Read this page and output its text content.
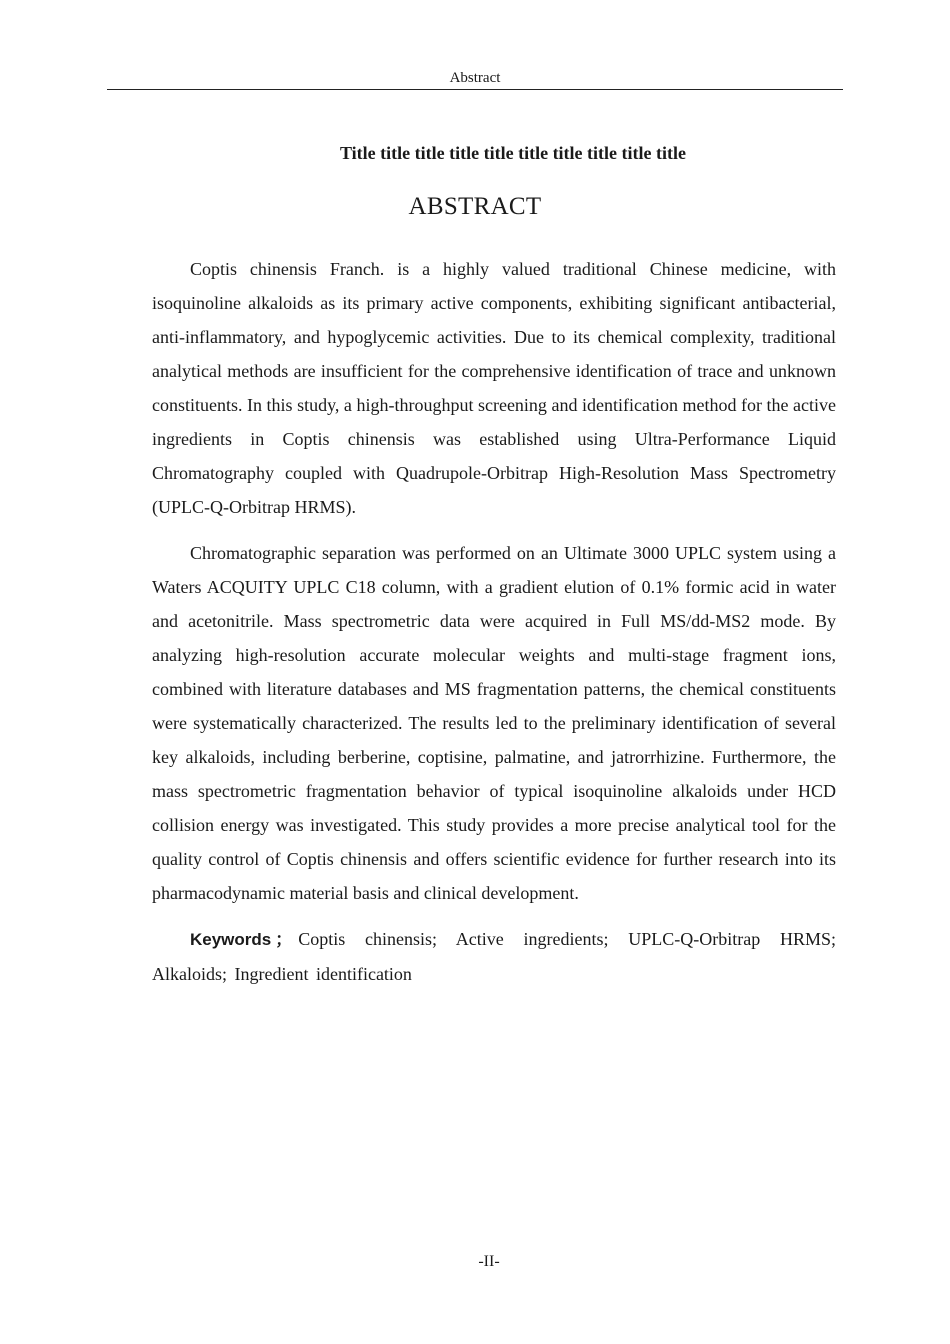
Abstract
Title title title title title title title title title title
ABSTRACT

Coptis chinensis Franch. is a highly valued traditional Chinese medicine, with isoquinoline alkaloids as its primary active components, exhibiting significant antibacterial, anti-inflammatory, and hypoglycemic activities. Due to its chemical complexity, traditional analytical methods are insufficient for the comprehensive identification of trace and unknown constituents. In this study, a high-throughput screening and identification method for the active ingredients in Coptis chinensis was established using Ultra-Performance Liquid Chromatography coupled with Quadrupole-Orbitrap High-Resolution Mass Spectrometry (UPLC-Q-Orbitrap HRMS).

Chromatographic separation was performed on an Ultimate 3000 UPLC system using a Waters ACQUITY UPLC C18 column, with a gradient elution of 0.1% formic acid in water and acetonitrile. Mass spectrometric data were acquired in Full MS/dd-MS2 mode. By analyzing high-resolution accurate molecular weights and multi-stage fragment ions, combined with literature databases and MS fragmentation patterns, the chemical constituents were systematically characterized. The results led to the preliminary identification of several key alkaloids, including berberine, coptisine, palmatine, and jatrorrhizine. Furthermore, the mass spectrometric fragmentation behavior of typical isoquinoline alkaloids under HCD collision energy was investigated. This study provides a more precise analytical tool for the quality control of Coptis chinensis and offers scientific evidence for further research into its pharmacodynamic material basis and clinical development.

Keywords ； Coptis chinensis; Active ingredients; UPLC-Q-Orbitrap HRMS; Alkaloids; Ingredient identification

-II-
